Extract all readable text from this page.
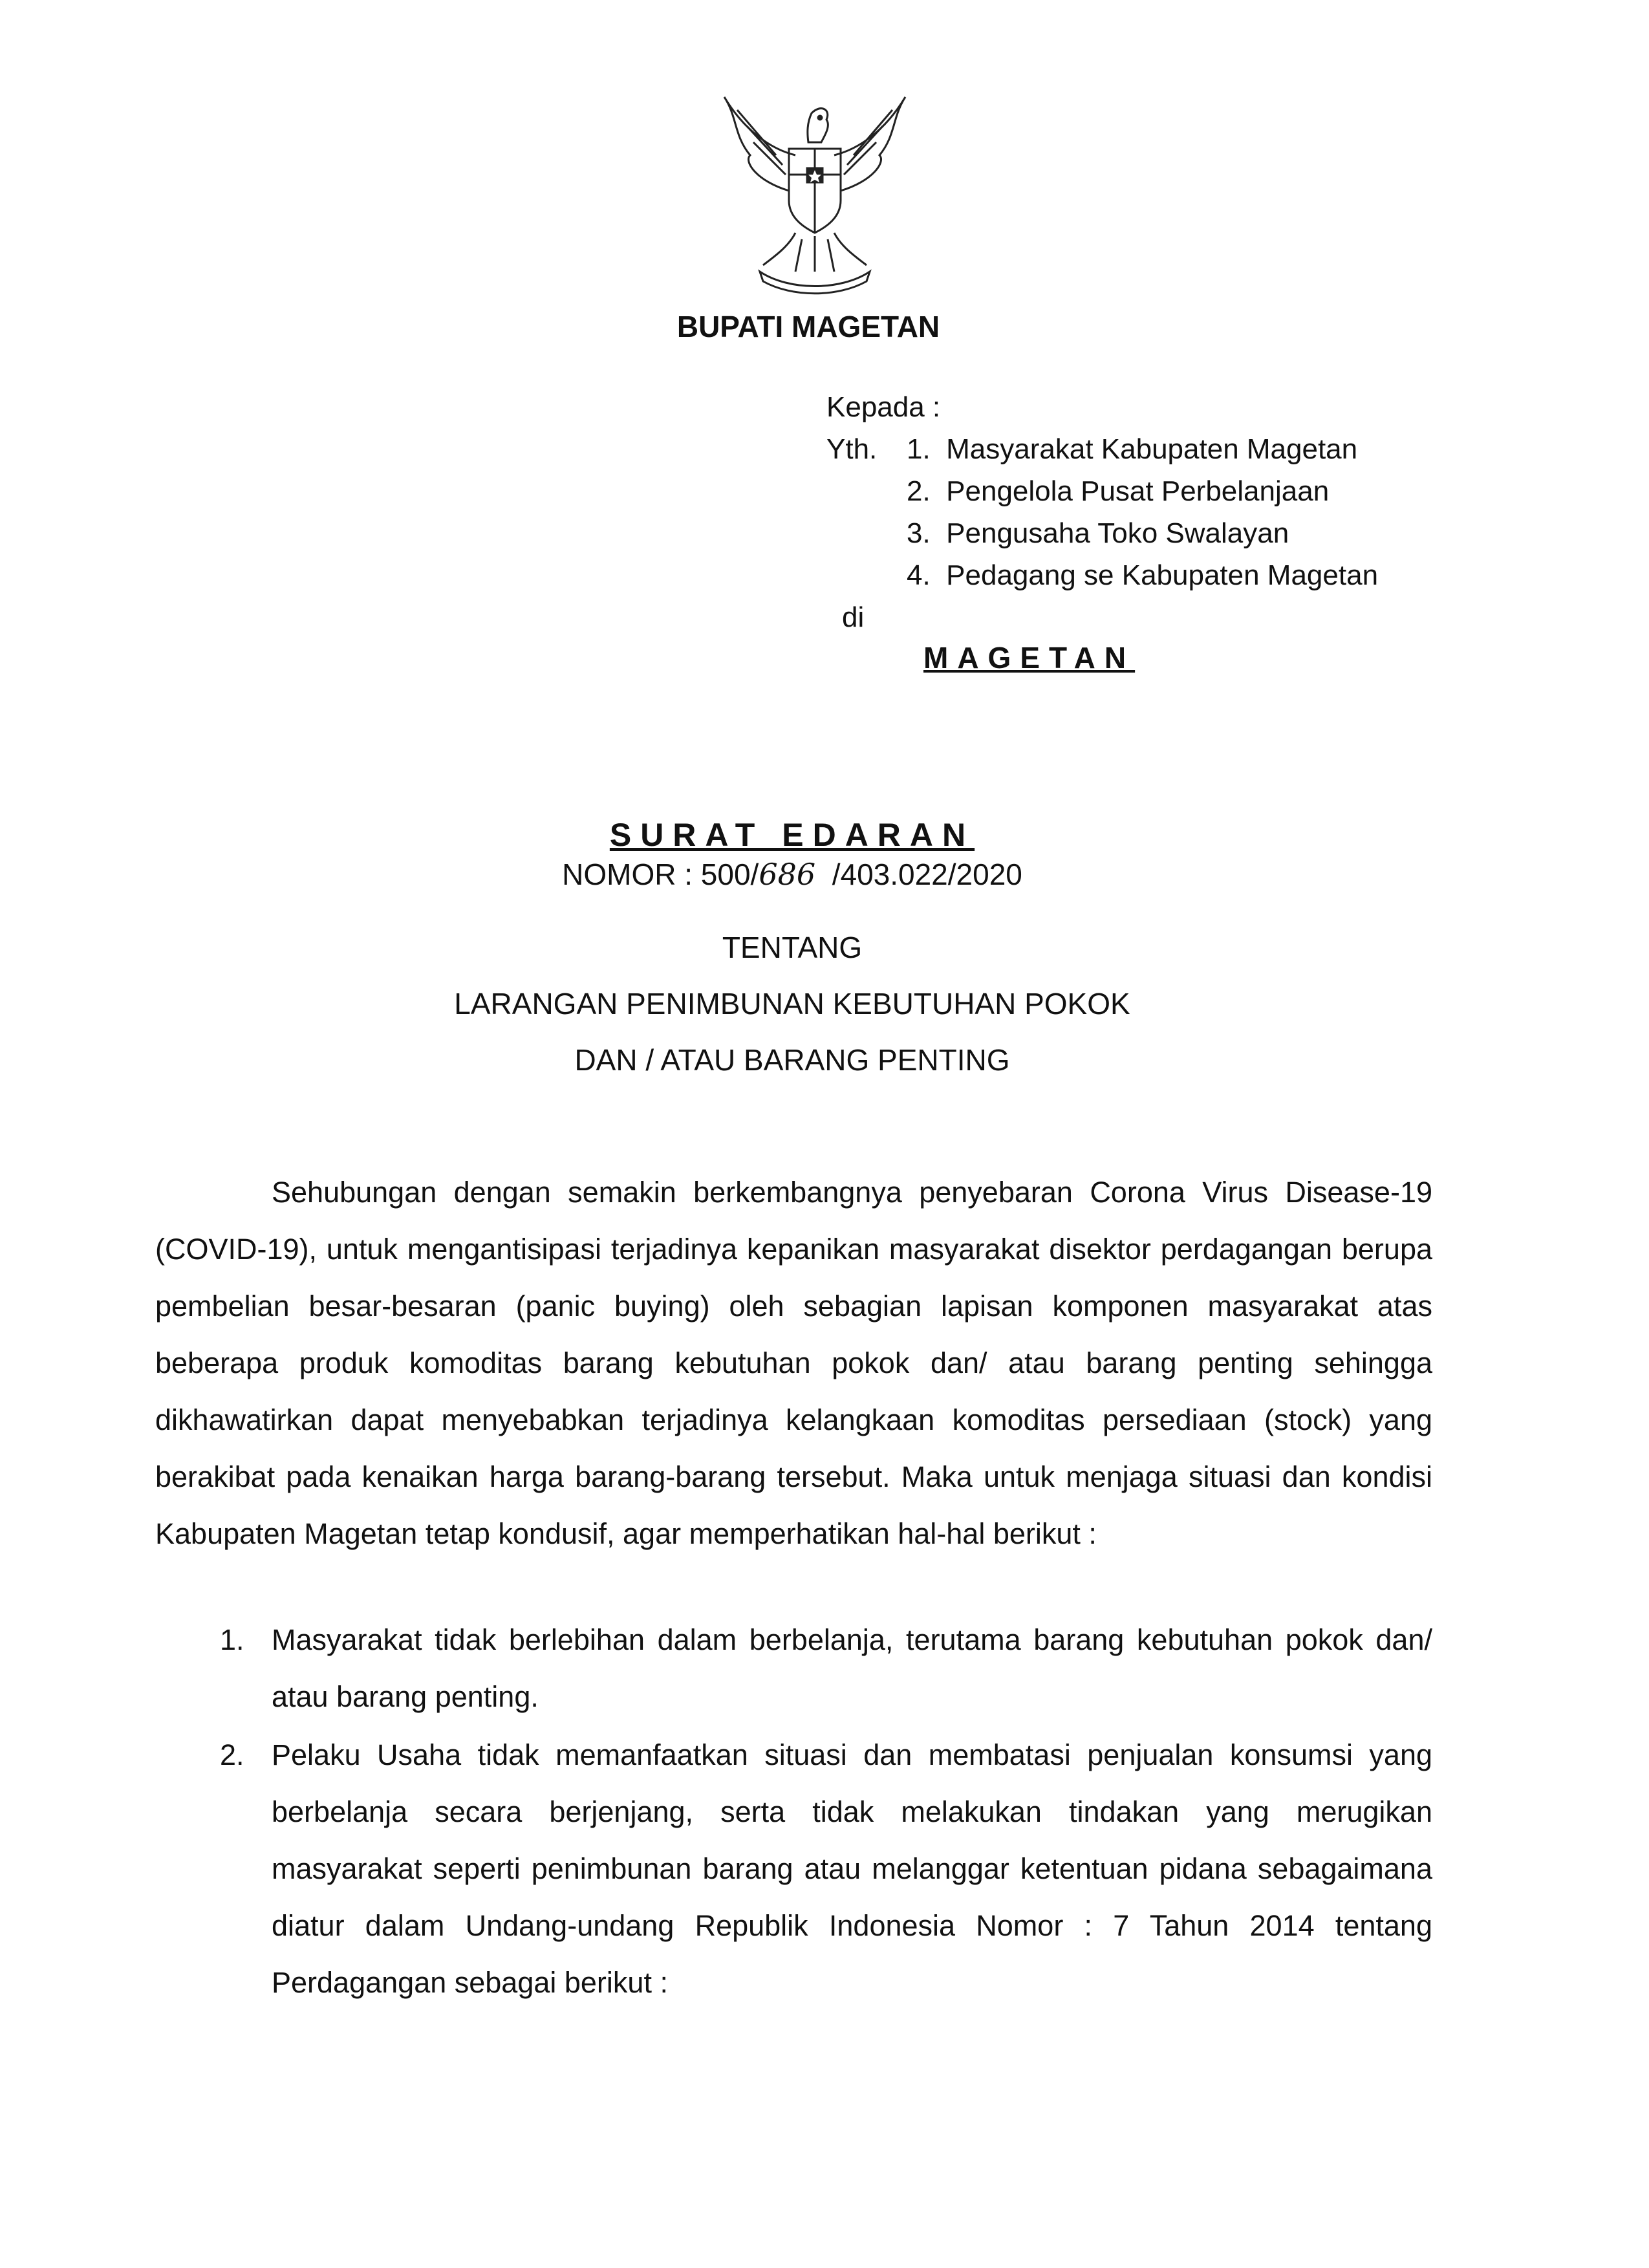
BUPATI MAGETAN
Kepada :
Yth. 1. Masyarakat Kabupaten Magetan
2. Pengelola Pusat Perbelanjaan
3. Pengusaha Toko Swalayan
4. Pedagang se Kabupaten Magetan
di
MAGETAN
SURAT EDARAN
NOMOR : 500/686 /403.022/2020
TENTANG
LARANGAN PENIMBUNAN KEBUTUHAN POKOK
DAN / ATAU BARANG PENTING
Sehubungan dengan semakin berkembangnya penyebaran Corona Virus Disease-19 (COVID-19), untuk mengantisipasi terjadinya kepanikan masyarakat disektor perdagangan berupa pembelian besar-besaran (panic buying) oleh sebagian lapisan komponen masyarakat atas beberapa produk komoditas barang kebutuhan pokok dan/ atau barang penting sehingga dikhawatirkan dapat menyebabkan terjadinya kelangkaan komoditas persediaan (stock) yang berakibat pada kenaikan harga barang-barang tersebut. Maka untuk menjaga situasi dan kondisi Kabupaten Magetan tetap kondusif, agar memperhatikan hal-hal berikut :
1. Masyarakat tidak berlebihan dalam berbelanja, terutama barang kebutuhan pokok dan/ atau barang penting.
2. Pelaku Usaha tidak memanfaatkan situasi dan membatasi penjualan konsumsi yang berbelanja secara berjenjang, serta tidak melakukan tindakan yang merugikan masyarakat seperti penimbunan barang atau melanggar ketentuan pidana sebagaimana diatur dalam Undang-undang Republik Indonesia Nomor : 7 Tahun 2014 tentang Perdagangan sebagai berikut :
